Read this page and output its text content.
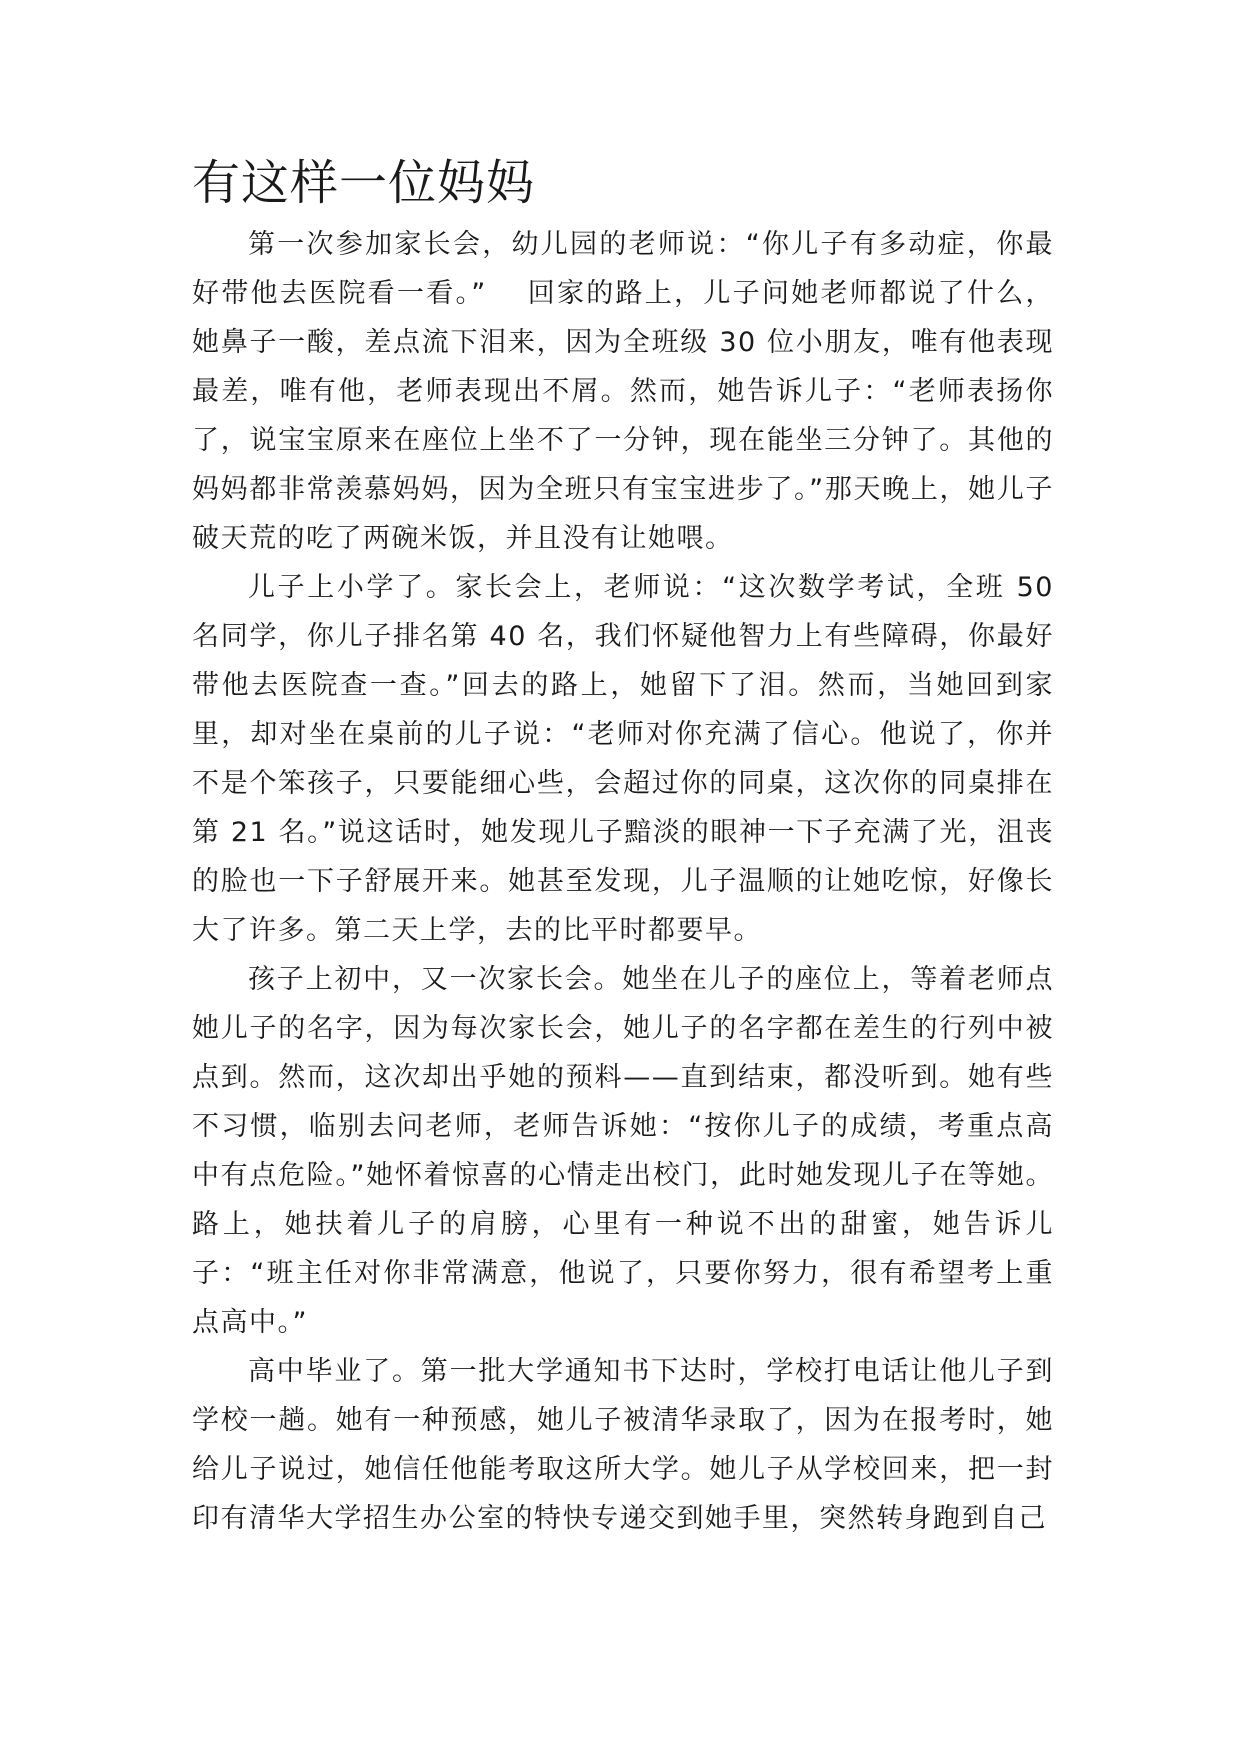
有这样一位妈妈

第一次参加家长会，幼儿园的老师说：“你儿子有多动症，你最好带他去医院看一看。”　 回家的路上，儿子问她老师都说了什么，她鼻子一酸，差点流下泪来，因为全班级 30 位小朋友，唯有他表现最差，唯有他，老师表现出不屑。然而，她告诉儿子：“老师表扬你了，说宝宝原来在座位上坐不了一分钟，现在能坐三分钟了。其他的妈妈都非常羡慕妈妈，因为全班只有宝宝进步了。”那天晚上，她儿子破天荒的吃了两碗米饭，并且没有让她喂。

儿子上小学了。家长会上，老师说：“这次数学考试，全班 50 名同学，你儿子排名第 40 名，我们怀疑他智力上有些障碍，你最好带他去医院查一查。”回去的路上，她留下了泪。然而，当她回到家里，却对坐在桌前的儿子说：“老师对你充满了信心。他说了，你并不是个笨孩子，只要能细心些，会超过你的同桌，这次你的同桌排在第 21 名。”说这话时，她发现儿子黯淡的眼神一下子充满了光，沮丧的脸也一下子舒展开来。她甚至发现，儿子温顺的让她吃惊，好像长大了许多。第二天上学，去的比平时都要早。

孩子上初中，又一次家长会。她坐在儿子的座位上，等着老师点她儿子的名字，因为每次家长会，她儿子的名字都在差生的行列中被点到。然而，这次却出乎她的预料——直到结束，都没听到。她有些不习惯，临别去问老师，老师告诉她：“按你儿子的成绩，考重点高中有点危险。”她怀着惊喜的心情走出校门，此时她发现儿子在等她。路上，她扶着儿子的肩膀，心里有一种说不出的甜蜜，她告诉儿子：“班主任对你非常满意，他说了，只要你努力，很有希望考上重点高中。”

高中毕业了。第一批大学通知书下达时，学校打电话让他儿子到学校一趟。她有一种预感，她儿子被清华录取了，因为在报考时，她给儿子说过，她信任他能考取这所大学。她儿子从学校回来，把一封印有清华大学招生办公室的特快专递交到她手里，突然转身跑到自己
